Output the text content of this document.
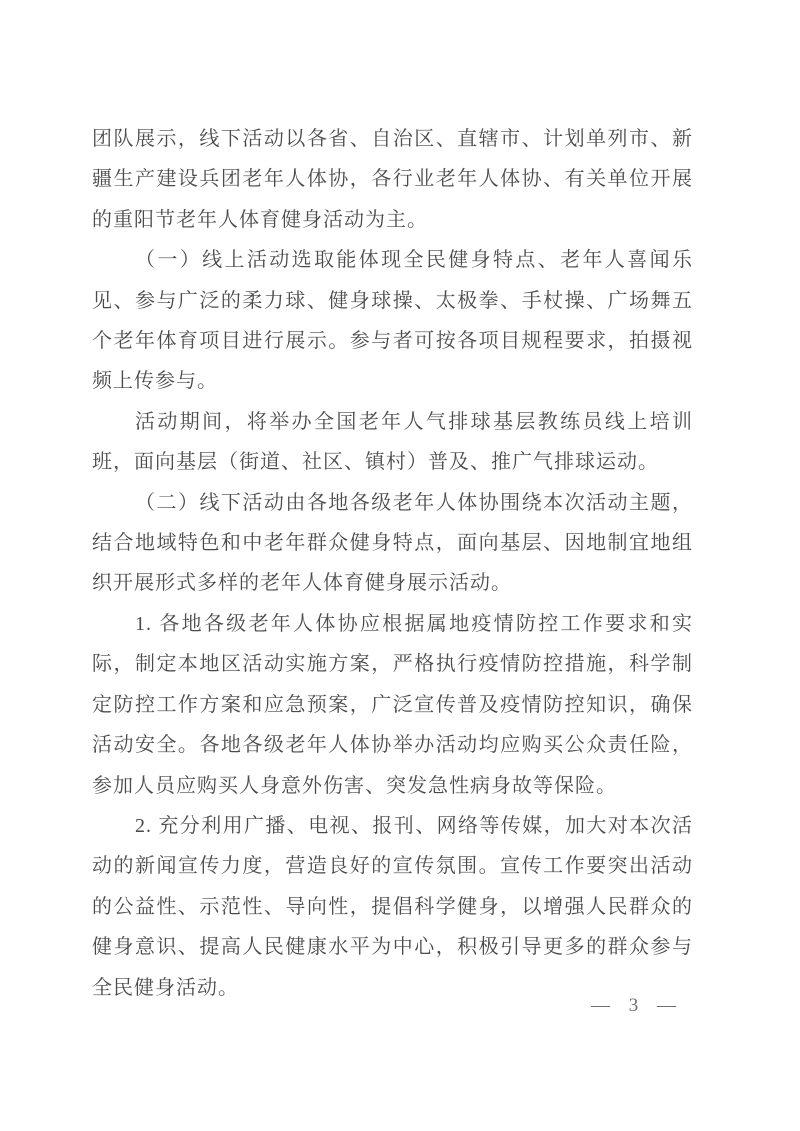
团队展示，线下活动以各省、自治区、直辖市、计划单列市、新疆生产建设兵团老年人体协，各行业老年人体协、有关单位开展的重阳节老年人体育健身活动为主。

（一）线上活动选取能体现全民健身特点、老年人喜闻乐见、参与广泛的柔力球、健身球操、太极拳、手杖操、广场舞五个老年体育项目进行展示。参与者可按各项目规程要求，拍摄视频上传参与。

活动期间，将举办全国老年人气排球基层教练员线上培训班，面向基层（街道、社区、镇村）普及、推广气排球运动。

（二）线下活动由各地各级老年人体协围绕本次活动主题，结合地域特色和中老年群众健身特点，面向基层、因地制宜地组织开展形式多样的老年人体育健身展示活动。

1. 各地各级老年人体协应根据属地疫情防控工作要求和实际，制定本地区活动实施方案，严格执行疫情防控措施，科学制定防控工作方案和应急预案，广泛宣传普及疫情防控知识，确保活动安全。各地各级老年人体协举办活动均应购买公众责任险，参加人员应购买人身意外伤害、突发急性病身故等保险。

2. 充分利用广播、电视、报刊、网络等传媒，加大对本次活动的新闻宣传力度，营造良好的宣传氛围。宣传工作要突出活动的公益性、示范性、导向性，提倡科学健身，以增强人民群众的健身意识、提高人民健康水平为中心，积极引导更多的群众参与全民健身活动。

— 3 —
